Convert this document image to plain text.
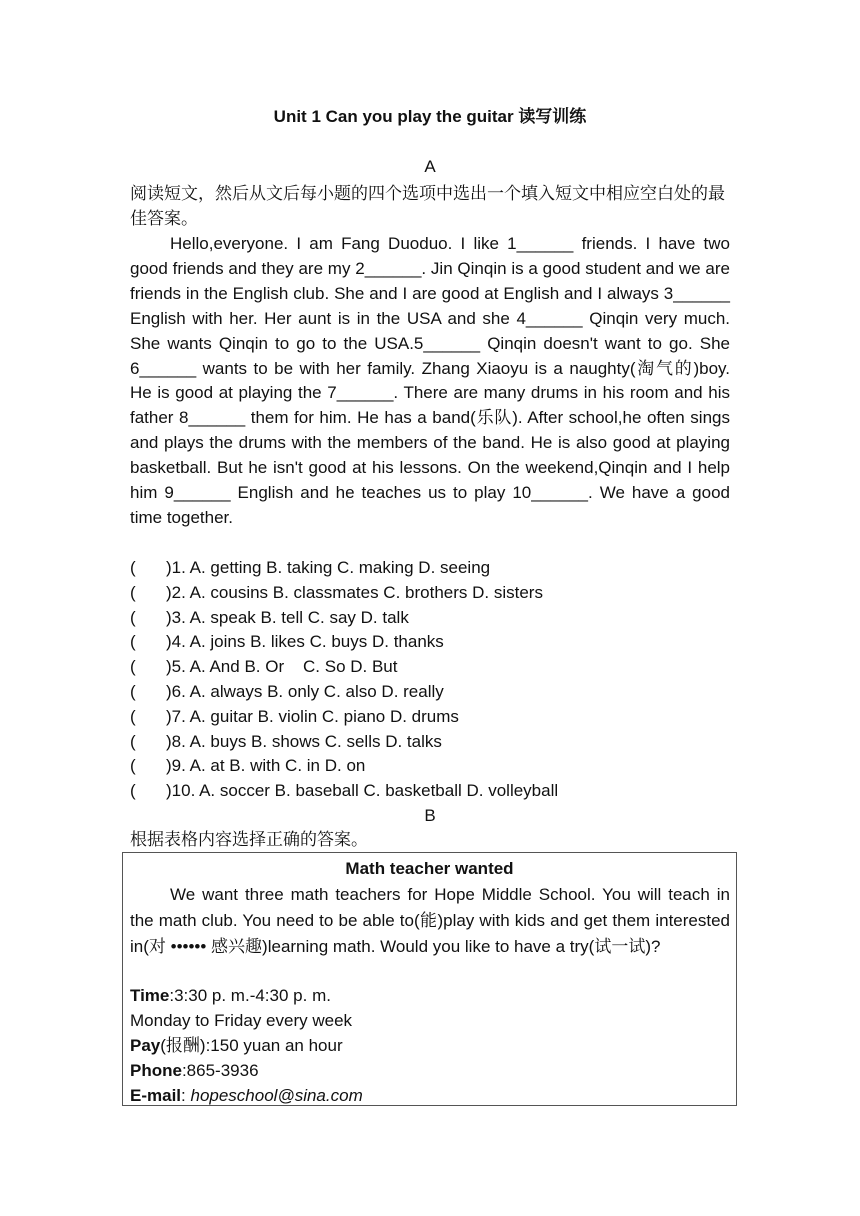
Unit 1 Can you play the guitar 读写训练
A
阅读短文，然后从文后每小题的四个选项中选出一个填入短文中相应空白处的最佳答案。

Hello,everyone. I am Fang Duoduo. I like 1______ friends. I have two good friends and they are my 2______. Jin Qinqin is a good student and we are friends in the English club. She and I are good at English and I always 3______ English with her. Her aunt is in the USA and she 4______ Qinqin very much. She wants Qinqin to go to the USA.5______ Qinqin doesn't want to go. She 6______ wants to be with her family. Zhang Xiaoyu is a naughty(淘气的)boy. He is good at playing the 7______. There are many drums in his room and his father 8______ them for him. He has a band(乐队). After school,he often sings and plays the drums with the members of the band. He is also good at playing basketball. But he isn't good at his lessons. On the weekend,Qinqin and I help him 9______ English and he teaches us to play 10______. We have a good time together.

( )1. A. getting B. taking C. making D. seeing
( )2. A. cousins B. classmates C. brothers D. sisters
( )3. A. speak B. tell C. say D. talk
( )4. A. joins B. likes C. buys D. thanks
( )5. A. And B. Or    C. So D. But
( )6. A. always B. only C. also D. really
( )7. A. guitar B. violin C. piano D. drums
( )8. A. buys B. shows C. sells D. talks
( )9. A. at B. with C. in D. on
( )10. A. soccer B. baseball C. basketball D. volleyball
B
根据表格内容选择正确的答案。
Math teacher wanted

We want three math teachers for Hope Middle School. You will teach in the math club. You need to be able to(能)play with kids and get them interested in(对 •••••• 感兴趣)learning math. Would you like to have a try(试一试)?

Time:3:30 p. m.-4:30 p. m.
Monday to Friday every week
Pay(报酬):150 yuan an hour
Phone:865-3936
E-mail: hopeschool@sina.com
